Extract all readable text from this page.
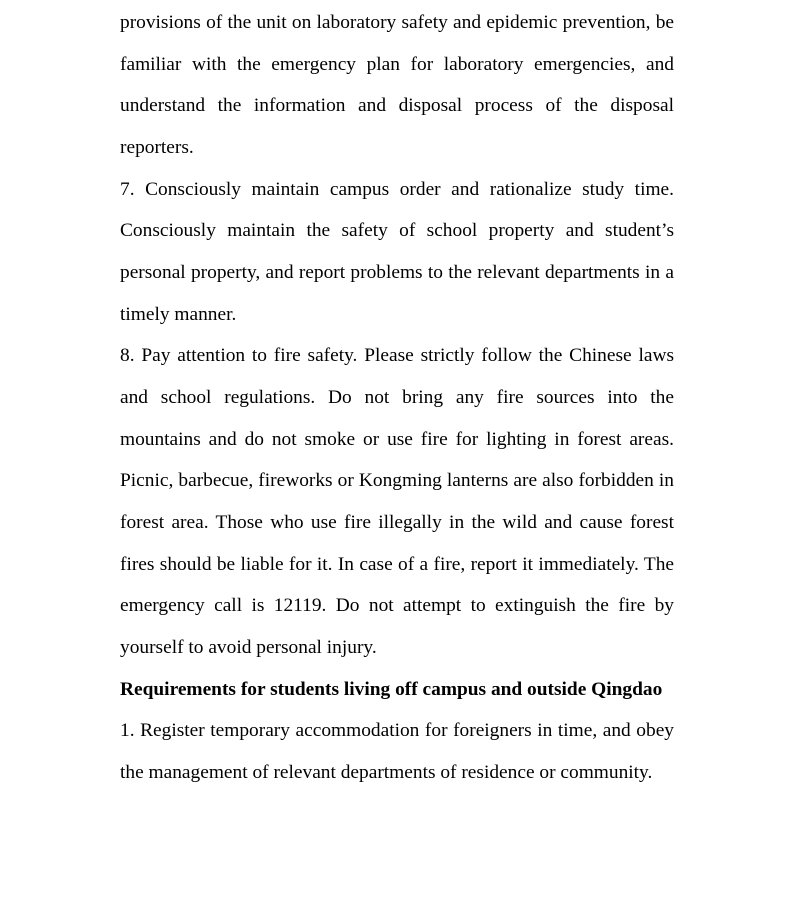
provisions of the unit on laboratory safety and epidemic prevention, be familiar with the emergency plan for laboratory emergencies, and understand the information and disposal process of the disposal reporters.

7. Consciously maintain campus order and rationalize study time. Consciously maintain the safety of school property and student’s personal property, and report problems to the relevant departments in a timely manner.

8. Pay attention to fire safety. Please strictly follow the Chinese laws and school regulations. Do not bring any fire sources into the mountains and do not smoke or use fire for lighting in forest areas. Picnic, barbecue, fireworks or Kongming lanterns are also forbidden in forest area. Those who use fire illegally in the wild and cause forest fires should be liable for it. In case of a fire, report it immediately. The emergency call is 12119. Do not attempt to extinguish the fire by yourself to avoid personal injury.

Requirements for students living off campus and outside Qingdao

1. Register temporary accommodation for foreigners in time, and obey the management of relevant departments of residence or community.
